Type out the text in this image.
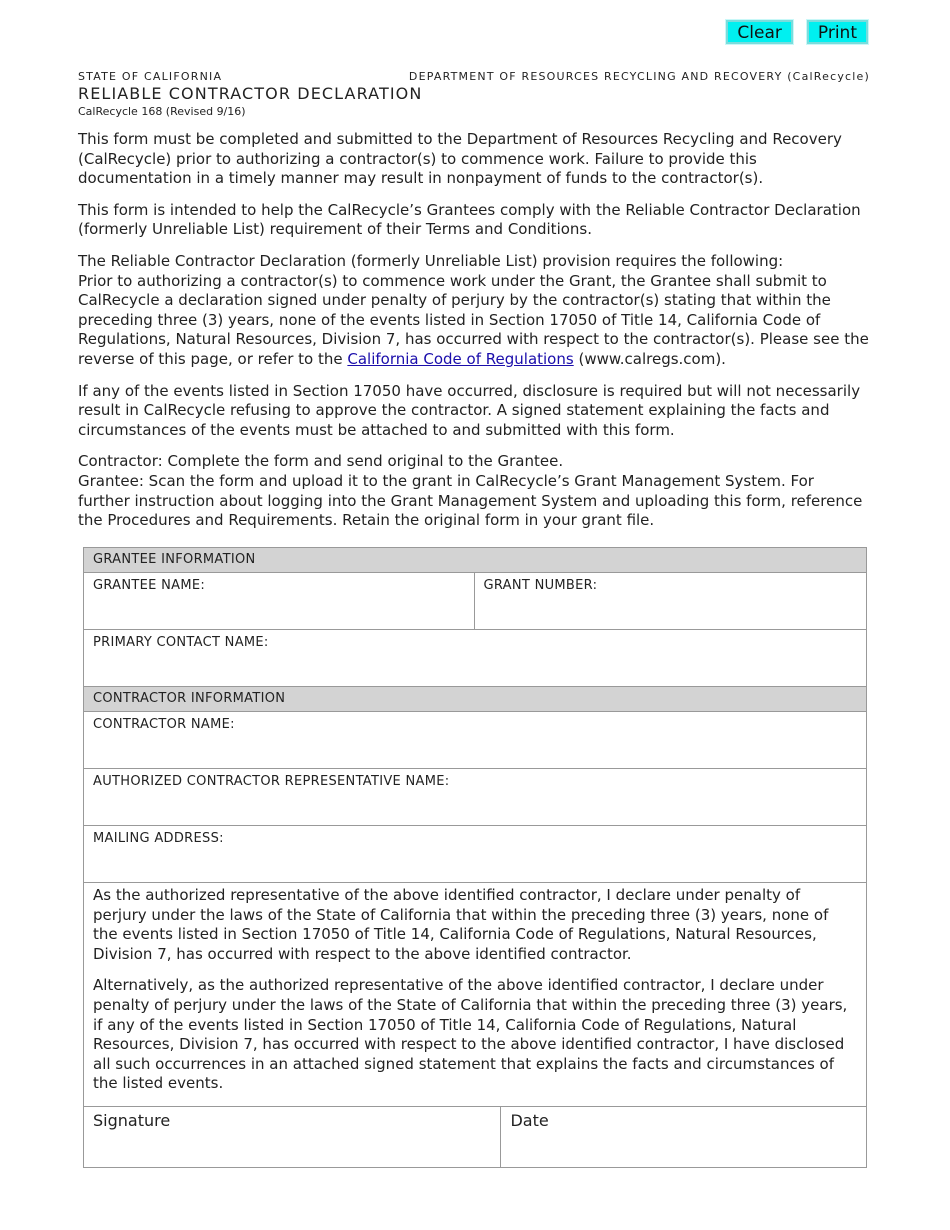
Clear	Print
STATE OF CALIFORNIA	DEPARTMENT OF RESOURCES RECYCLING AND RECOVERY (CalRecycle)
RELIABLE CONTRACTOR DECLARATION
CalRecycle 168 (Revised 9/16)

This form must be completed and submitted to the Department of Resources Recycling and Recovery (CalRecycle) prior to authorizing a contractor(s) to commence work. Failure to provide this documentation in a timely manner may result in nonpayment of funds to the contractor(s).

This form is intended to help the CalRecycle’s Grantees comply with the Reliable Contractor Declaration (formerly Unreliable List) requirement of their Terms and Conditions.

The Reliable Contractor Declaration (formerly Unreliable List) provision requires the following:
Prior to authorizing a contractor(s) to commence work under the Grant, the Grantee shall submit to CalRecycle a declaration signed under penalty of perjury by the contractor(s) stating that within the preceding three (3) years, none of the events listed in Section 17050 of Title 14, California Code of Regulations, Natural Resources, Division 7, has occurred with respect to the contractor(s). Please see the reverse of this page, or refer to the California Code of Regulations (www.calregs.com).

If any of the events listed in Section 17050 have occurred, disclosure is required but will not necessarily result in CalRecycle refusing to approve the contractor. A signed statement explaining the facts and circumstances of the events must be attached to and submitted with this form.

Contractor: Complete the form and send original to the Grantee.

Grantee: Scan the form and upload it to the grant in CalRecycle’s Grant Management System. For further instruction about logging into the Grant Management System and uploading this form, reference the Procedures and Requirements. Retain the original form in your grant file.

GRANTEE INFORMATION		
GRANTEE NAME:	GRANT NUMBER:	
PRIMARY CONTACT NAME:		
CONTRACTOR INFORMATION		
CONTRACTOR NAME:		
AUTHORIZED CONTRACTOR REPRESENTATIVE NAME:		
MAILING ADDRESS:		

As the authorized representative of the above identified contractor, I declare under penalty of perjury under the laws of the State of California that within the preceding three (3) years, none of the events listed in Section 17050 of Title 14, California Code of Regulations, Natural Resources, Division 7, has occurred with respect to the above identified contractor.

Alternatively, as the authorized representative of the above identified contractor, I declare under penalty of perjury under the laws of the State of California that within the preceding three (3) years, if any of the events listed in Section 17050 of Title 14, California Code of Regulations, Natural Resources, Division 7, has occurred with respect to the above identified contractor, I have disclosed all such occurrences in an attached signed statement that explains the facts and circumstances of the listed events.		

Signature		Date
